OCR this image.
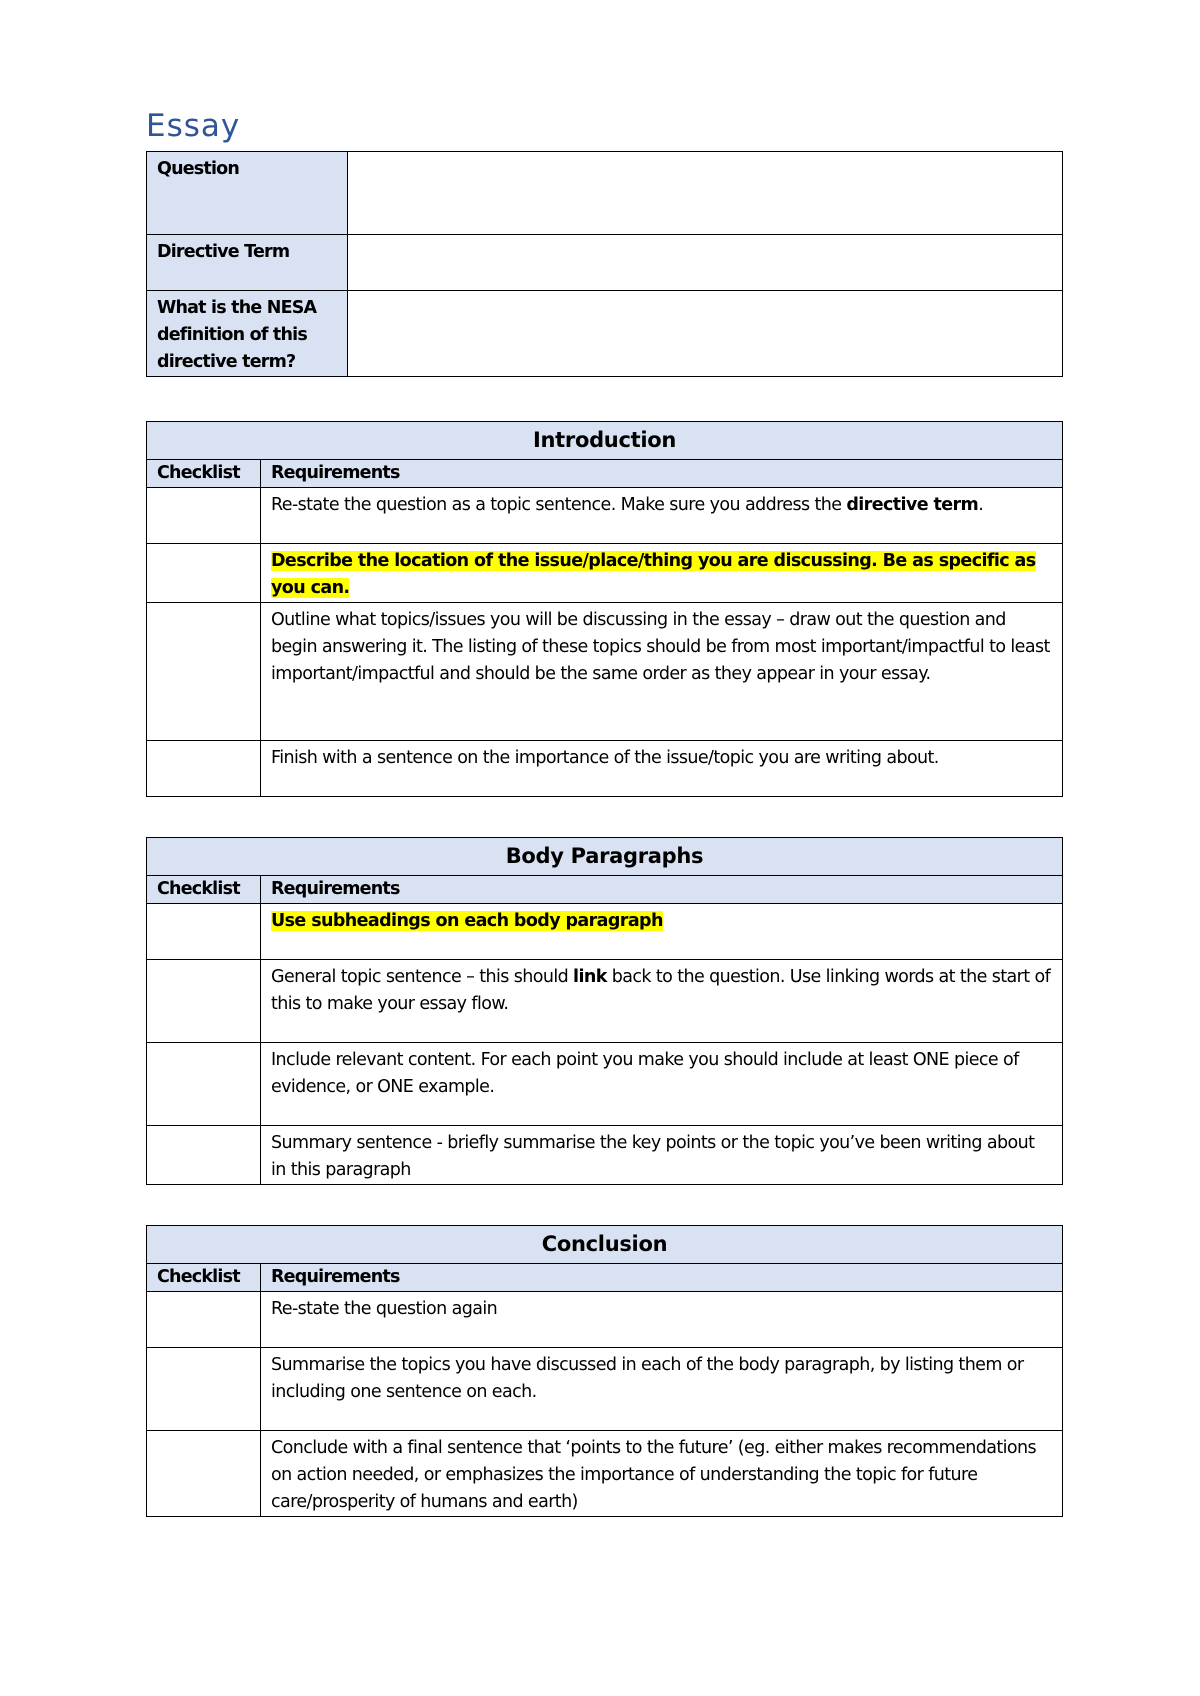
Essay
Question	
Directive Term	
What is the NESA definition of this directive term?	
Introduction	
Checklist	Requirements
	Re-state the question as a topic sentence. Make sure you address the directive term.
	Describe the location of the issue/place/thing you are discussing. Be as specific as you can.
	Outline what topics/issues you will be discussing in the essay – draw out the question and begin answering it. The listing of these topics should be from most important/impactful to least important/impactful and should be the same order as they appear in your essay.
	Finish with a sentence on the importance of the issue/topic you are writing about.
Body Paragraphs	
Checklist	Requirements
	Use subheadings on each body paragraph
	General topic sentence – this should link back to the question. Use linking words at the start of this to make your essay flow.
	Include relevant content. For each point you make you should include at least ONE piece of evidence, or ONE example.
	Summary sentence - briefly summarise the key points or the topic you’ve been writing about in this paragraph
Conclusion	
Checklist	Requirements
	Re-state the question again
	Summarise the topics you have discussed in each of the body paragraph, by listing them or including one sentence on each.
	Conclude with a final sentence that ‘points to the future’ (eg. either makes recommendations on action needed, or emphasizes the importance of understanding the topic for future care/prosperity of humans and earth)
